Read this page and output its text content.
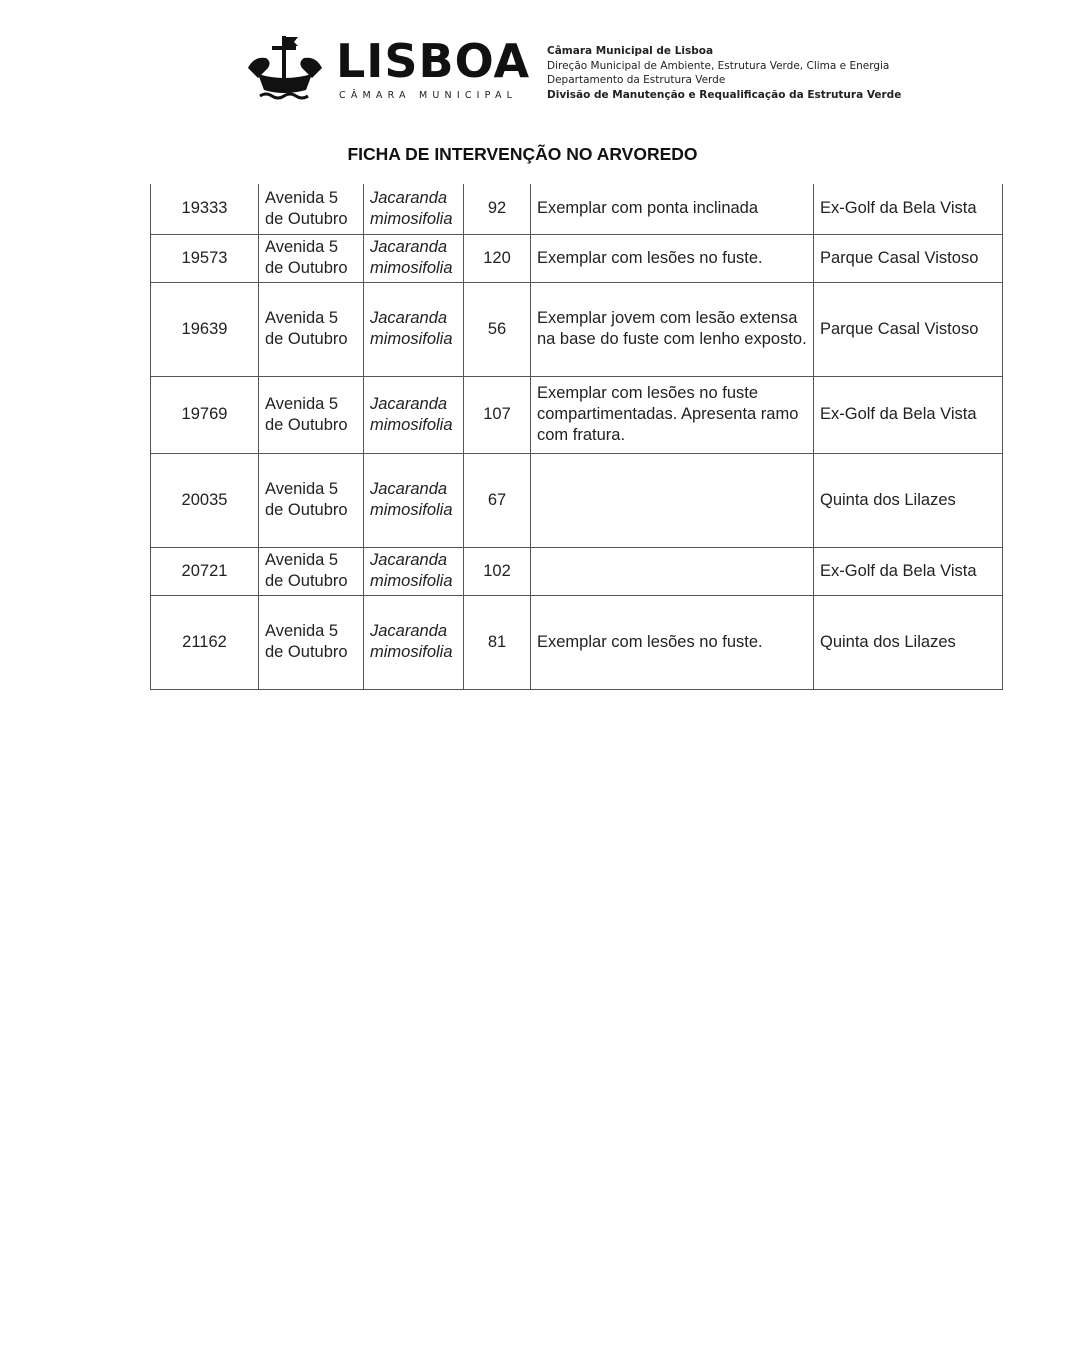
LISBOA
CÂMARA MUNICIPAL
Câmara Municipal de Lisboa
Direção Municipal de Ambiente, Estrutura Verde, Clima e Energia
Departamento da Estrutura Verde
Divisão de Manutenção e Requalificação da Estrutura Verde
FICHA DE INTERVENÇÃO NO ARVOREDO
19333	Avenida 5 de Outubro	Jacaranda mimosifolia	92	Exemplar com ponta inclinada	Ex-Golf da Bela Vista
19573	Avenida 5 de Outubro	Jacaranda mimosifolia	120	Exemplar com lesões no fuste.	Parque Casal Vistoso
19639	Avenida 5 de Outubro	Jacaranda mimosifolia	56	Exemplar jovem com lesão extensa na base do fuste com lenho exposto.	Parque Casal Vistoso
19769	Avenida 5 de Outubro	Jacaranda mimosifolia	107	Exemplar com lesões no fuste compartimentadas. Apresenta ramo com fratura.	Ex-Golf da Bela Vista
20035	Avenida 5 de Outubro	Jacaranda mimosifolia	67		Quinta dos Lilazes
20721	Avenida 5 de Outubro	Jacaranda mimosifolia	102		Ex-Golf da Bela Vista
21162	Avenida 5 de Outubro	Jacaranda mimosifolia	81	Exemplar com lesões no fuste.	Quinta dos Lilazes
